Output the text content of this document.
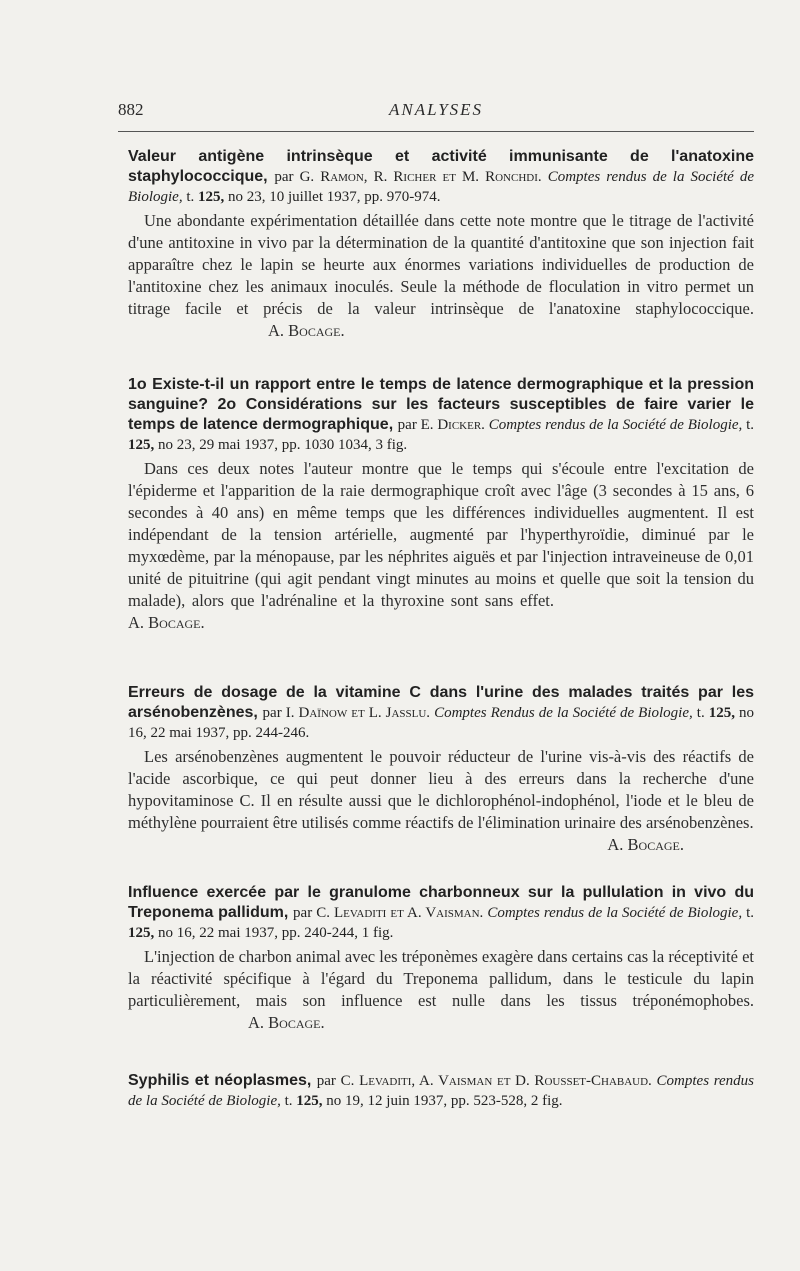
882	ANALYSES

Valeur antigène intrinsèque et activité immunisante de l'anatoxine staphylococcique, par G. Ramon, R. Richer et M. Ronchdi. Comptes rendus de la Société de Biologie, t. 125, no 23, 10 juillet 1937, pp. 970-974.

Une abondante expérimentation détaillée dans cette note montre que le titrage de l'activité d'une antitoxine in vivo par la détermination de la quantité d'antitoxine que son injection fait apparaître chez le lapin se heurte aux énormes variations individuelles de production de l'antitoxine chez les animaux inoculés. Seule la méthode de floculation in vitro permet un titrage facile et précis de la valeur intrinsèque de l'anatoxine staphylococcique.A. Bocage.

1o Existe-t-il un rapport entre le temps de latence dermographique et la pression sanguine? 2o Considérations sur les facteurs susceptibles de faire varier le temps de latence dermographique, par E. Dicker. Comptes rendus de la Société de Biologie, t. 125, no 23, 29 mai 1937, pp. 1030 1034, 3 fig.

Dans ces deux notes l'auteur montre que le temps qui s'écoule entre l'excitation de l'épiderme et l'apparition de la raie dermographique croît avec l'âge (3 secondes à 15 ans, 6 secondes à 40 ans) en même temps que les différences individuelles augmentent. Il est indépendant de la tension artérielle, augmenté par l'hyperthyroïdie, diminué par le myxœdème, par la ménopause, par les néphrites aiguës et par l'injection intraveineuse de 0,01 unité de pituitrine (qui agit pendant vingt minutes au moins et quelle que soit la tension du malade), alors que l'adrénaline et la thyroxine sont sans effet.A. Bocage.

Erreurs de dosage de la vitamine C dans l'urine des malades traités par les arsénobenzènes, par I. Daïnow et L. Jasslu. Comptes Rendus de la Société de Biologie, t. 125, no 16, 22 mai 1937, pp. 244-246.

Les arsénobenzènes augmentent le pouvoir réducteur de l'urine vis-à-vis des réactifs de l'acide ascorbique, ce qui peut donner lieu à des erreurs dans la recherche d'une hypovitaminose C. Il en résulte aussi que le dichlorophénol-indophénol, l'iode et le bleu de méthylène pourraient être utilisés comme réactifs de l'élimination urinaire des arsénobenzènes.

A. Bocage.

Influence exercée par le granulome charbonneux sur la pullulation in vivo du Treponema pallidum, par C. Levaditi et A. Vaisman. Comptes rendus de la Société de Biologie, t. 125, no 16, 22 mai 1937, pp. 240-244, 1 fig.

L'injection de charbon animal avec les tréponèmes exagère dans certains cas la réceptivité et la réactivité spécifique à l'égard du Treponema pallidum, dans le testicule du lapin particulièrement, mais son influence est nulle dans les tissus tréponémophobes.A. Bocage.

Syphilis et néoplasmes, par C. Levaditi, A. Vaisman et D. Rousset-Chabaud. Comptes rendus de la Société de Biologie, t. 125, no 19, 12 juin 1937, pp. 523-528, 2 fig.
